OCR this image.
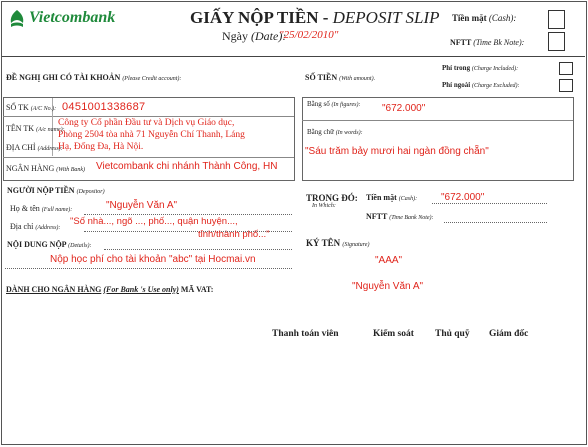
Vietcombank	GIẤY NỘP TIỀN - DEPOSIT SLIP
Ngày (Date):
"25/02/2010"
Tiền mặt (Cash):
NFTT (Time Bk Note):
ĐỀ NGHỊ GHI CÓ TÀI KHOẢN (Please Credit account):
SỐ TK (A/C No.): 0451001338687
TÊN TK (A/c name):
Công ty Cổ phần Đầu tư và Dịch vụ Giáo dục,
ĐỊA CHỈ (Address):
Phòng 2504 tòa nhà 71 Nguyễn Chí Thanh, Láng
Hạ, Đống Đa, Hà Nội.
NGÂN HÀNG (With Bank) Vietcombank chi nhánh Thành Công, HN
SỐ TIỀN (With amount).
Phí trong (Charge Included):
Phí ngoài (Charge Excluded):
Bằng số (In figures): "672.000"
Bằng chữ (In words):
"Sáu trăm bảy mươi hai ngàn đồng chẵn"
NGƯỜI NỘP TIỀN (Depositor)
Họ & tên (Full name):	"Nguyễn Văn A"
Địa chỉ (Address):
"Số nhà..., ngõ ..., phố..., quận huyện...,
tỉnh/thành phố..."
NỘI DUNG NỘP (Details):
Nộp học phí cho tài khoản "abc" tại Hocmai.vn
TRONG ĐÓ:
In Which:
Tiền mặt (Cash): "672.000"
NFTT (Time Bank Note):
KÝ TÊN (Signature)
"AAA"
"Nguyễn Văn A"
DÀNH CHO NGÂN HÀNG (For Bank 's Use only) MÃ VAT:
Thanh toán viên	Kiểm soát Thủ quỹ Giám đốc
